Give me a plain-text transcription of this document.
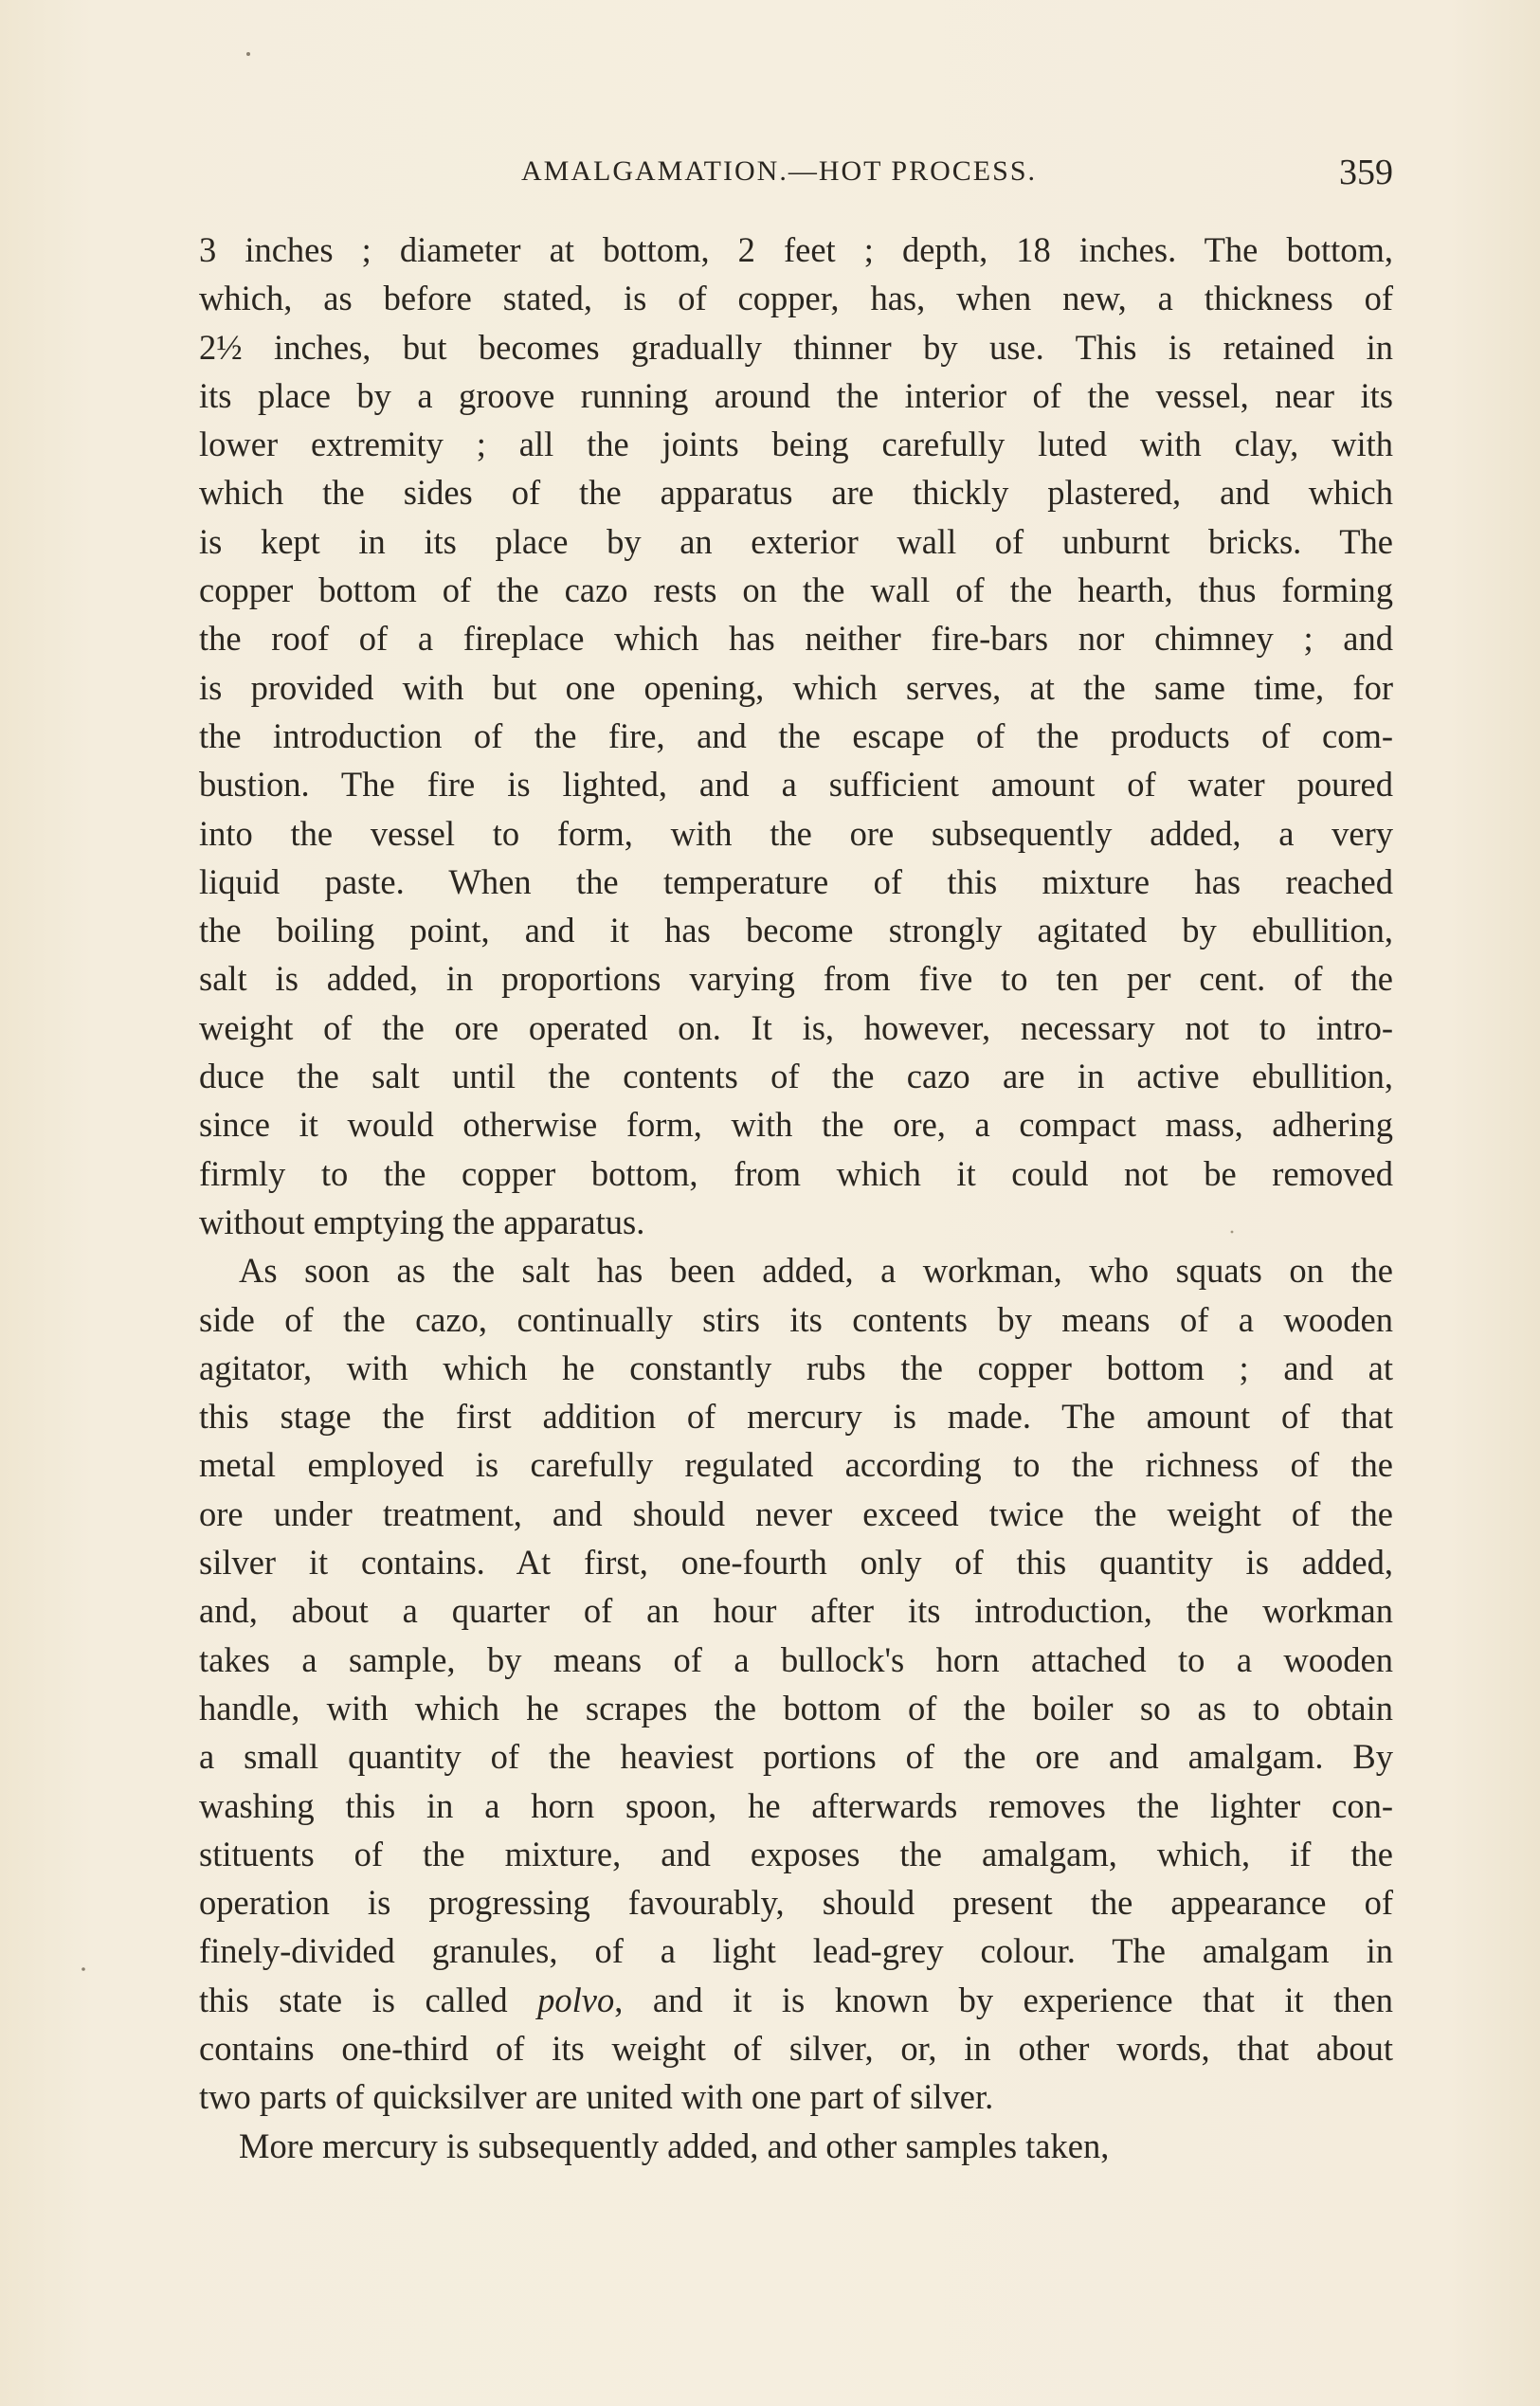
AMALGAMATION.—HOT PROCESS.	359
3 inches ; diameter at bottom, 2 feet ; depth, 18 inches. The bottom,
which, as before stated, is of copper, has, when new, a thickness of
2½ inches, but becomes gradually thinner by use. This is retained in
its place by a groove running around the interior of the vessel, near its
lower extremity ; all the joints being carefully luted with clay, with
which the sides of the apparatus are thickly plastered, and which
is kept in its place by an exterior wall of unburnt bricks. The
copper bottom of the cazo rests on the wall of the hearth, thus forming
the roof of a fireplace which has neither fire-bars nor chimney ; and
is provided with but one opening, which serves, at the same time, for
the introduction of the fire, and the escape of the products of com-
bustion. The fire is lighted, and a sufficient amount of water poured
into the vessel to form, with the ore subsequently added, a very
liquid paste. When the temperature of this mixture has reached
the boiling point, and it has become strongly agitated by ebullition,
salt is added, in proportions varying from five to ten per cent. of the
weight of the ore operated on. It is, however, necessary not to intro-
duce the salt until the contents of the cazo are in active ebullition,
since it would otherwise form, with the ore, a compact mass, adhering
firmly to the copper bottom, from which it could not be removed
without emptying the apparatus.
As soon as the salt has been added, a workman, who squats on the
side of the cazo, continually stirs its contents by means of a wooden
agitator, with which he constantly rubs the copper bottom ; and at
this stage the first addition of mercury is made. The amount of that
metal employed is carefully regulated according to the richness of the
ore under treatment, and should never exceed twice the weight of the
silver it contains. At first, one-fourth only of this quantity is added,
and, about a quarter of an hour after its introduction, the workman
takes a sample, by means of a bullock's horn attached to a wooden
handle, with which he scrapes the bottom of the boiler so as to obtain
a small quantity of the heaviest portions of the ore and amalgam. By
washing this in a horn spoon, he afterwards removes the lighter con-
stituents of the mixture, and exposes the amalgam, which, if the
operation is progressing favourably, should present the appearance of
finely-divided granules, of a light lead-grey colour. The amalgam in
this state is called polvo, and it is known by experience that it then
contains one-third of its weight of silver, or, in other words, that about
two parts of quicksilver are united with one part of silver.
More mercury is subsequently added, and other samples taken,
